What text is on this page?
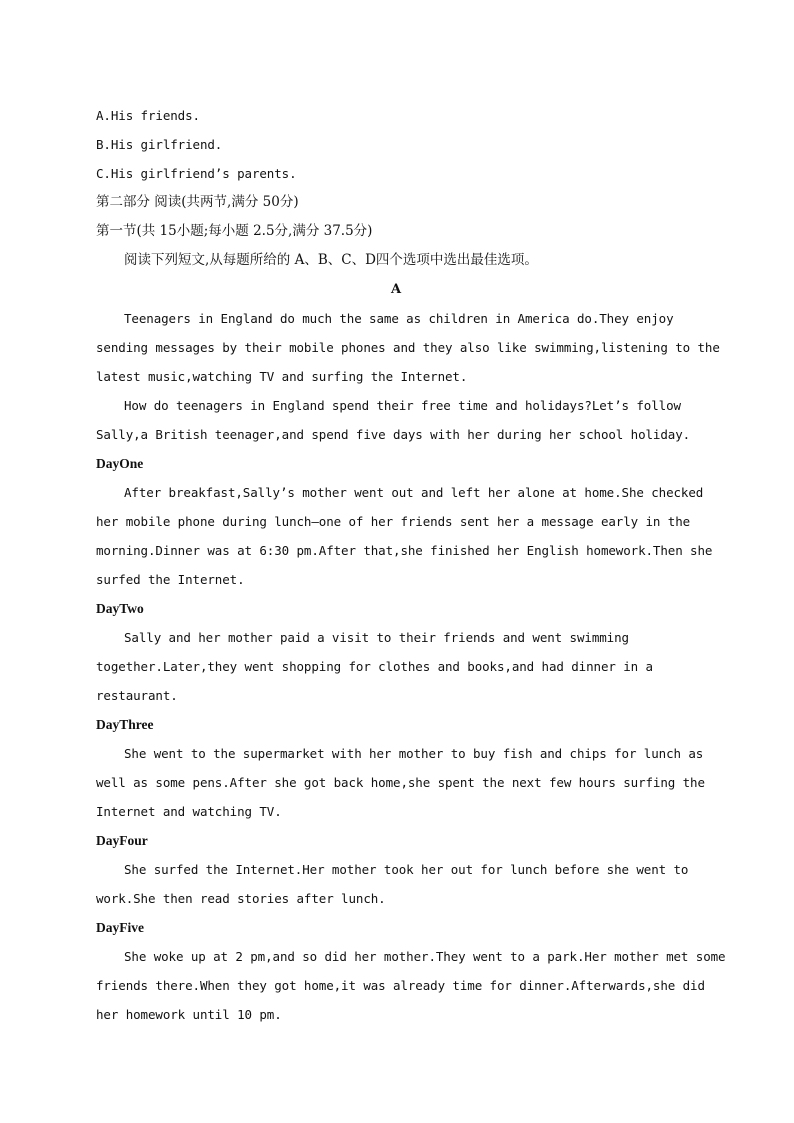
A.His friends.
B.His girlfriend.
C.His girlfriend’s parents.
第二部分 阅读(共两节,满分 50分)
第一节(共 15小题;每小题 2.5分,满分 37.5分)
阅读下列短文,从每题所给的 A、B、C、D四个选项中选出最佳选项。
A
Teenagers in England do much the same as children in America do.They enjoy
sending messages by their mobile phones and they also like swimming,listening to the
latest music,watching TV and surfing the Internet.
How do teenagers in England spend their free time and holidays?Let’s follow
Sally,a British teenager,and spend five days with her during her school holiday.
DayOne
After breakfast,Sally’s mother went out and left her alone at home.She checked
her mobile phone during lunch—one of her friends sent her a message early in the
morning.Dinner was at 6:30 pm.After that,she finished her English homework.Then she
surfed the Internet.
DayTwo
Sally and her mother paid a visit to their friends and went swimming
together.Later,they went shopping for clothes and books,and had dinner in a
restaurant.
DayThree
She went to the supermarket with her mother to buy fish and chips for lunch as
well as some pens.After she got back home,she spent the next few hours surfing the
Internet and watching TV.
DayFour
She surfed the Internet.Her mother took her out for lunch before she went to
work.She then read stories after lunch.
DayFive
She woke up at 2 pm,and so did her mother.They went to a park.Her mother met some
friends there.When they got home,it was already time for dinner.Afterwards,she did
her homework until 10 pm.
